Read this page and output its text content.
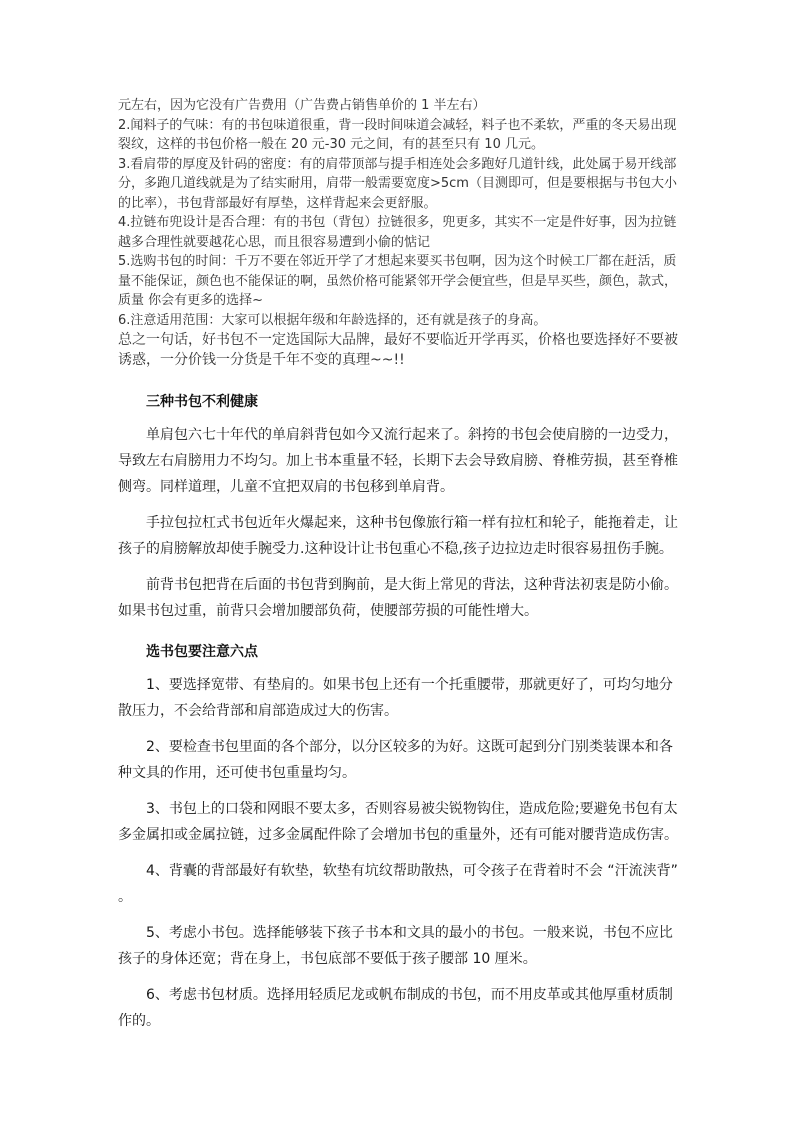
元左右，因为它没有广告费用（广告费占销售单价的 1 半左右）

2.闻料子的气味：有的书包味道很重，背一段时间味道会减轻，料子也不柔软，严重的冬天易出现裂纹，这样的书包价格一般在 20 元-30 元之间，有的甚至只有 10 几元。

3.看肩带的厚度及针码的密度：有的肩带顶部与提手相连处会多跑好几道针线，此处属于易开线部分，多跑几道线就是为了结实耐用，肩带一般需要宽度>5cm（目测即可，但是要根据与书包大小的比率），书包背部最好有厚垫，这样背起来会更舒服。

4.拉链布兜设计是否合理：有的书包（背包）拉链很多，兜更多，其实不一定是件好事，因为拉链越多合理性就要越花心思，而且很容易遭到小偷的惦记

5.选购书包的时间：千万不要在邻近开学了才想起来要买书包啊，因为这个时候工厂都在赶活，质量不能保证，颜色也不能保证的啊，虽然价格可能紧邻开学会便宜些，但是早买些，颜色，款式，质量 你会有更多的选择~

6.注意适用范围：大家可以根据年级和年龄选择的，还有就是孩子的身高。

总之一句话，好书包不一定选国际大品牌，最好不要临近开学再买，价格也要选择好不要被诱惑，一分价钱一分货是千年不变的真理~~!!

三种书包不利健康

单肩包六七十年代的单肩斜背包如今又流行起来了。斜挎的书包会使肩膀的一边受力，导致左右肩膀用力不均匀。加上书本重量不轻，长期下去会导致肩膀、脊椎劳损，甚至脊椎侧弯。同样道理，儿童不宜把双肩的书包移到单肩背。

手拉包拉杠式书包近年火爆起来，这种书包像旅行箱一样有拉杠和轮子，能拖着走，让孩子的肩膀解放却使手腕受力.这种设计让书包重心不稳,孩子边拉边走时很容易扭伤手腕。

前背书包把背在后面的书包背到胸前，是大街上常见的背法，这种背法初衷是防小偷。如果书包过重，前背只会增加腰部负荷，使腰部劳损的可能性增大。

选书包要注意六点

1、要选择宽带、有垫肩的。如果书包上还有一个托重腰带，那就更好了，可均匀地分散压力，不会给背部和肩部造成过大的伤害。

2、要检查书包里面的各个部分，以分区较多的为好。这既可起到分门别类装课本和各种文具的作用，还可使书包重量均匀。

3、书包上的口袋和网眼不要太多，否则容易被尖锐物钩住，造成危险;要避免书包有太多金属扣或金属拉链，过多金属配件除了会增加书包的重量外，还有可能对腰背造成伤害。

4、背囊的背部最好有软垫，软垫有坑纹帮助散热，可令孩子在背着时不会 “汗流浃背” 。

5、考虑小书包。选择能够装下孩子书本和文具的最小的书包。一般来说，书包不应比孩子的身体还宽；背在身上，书包底部不要低于孩子腰部 10 厘米。

6、考虑书包材质。选择用轻质尼龙或帆布制成的书包，而不用皮革或其他厚重材质制作的。
